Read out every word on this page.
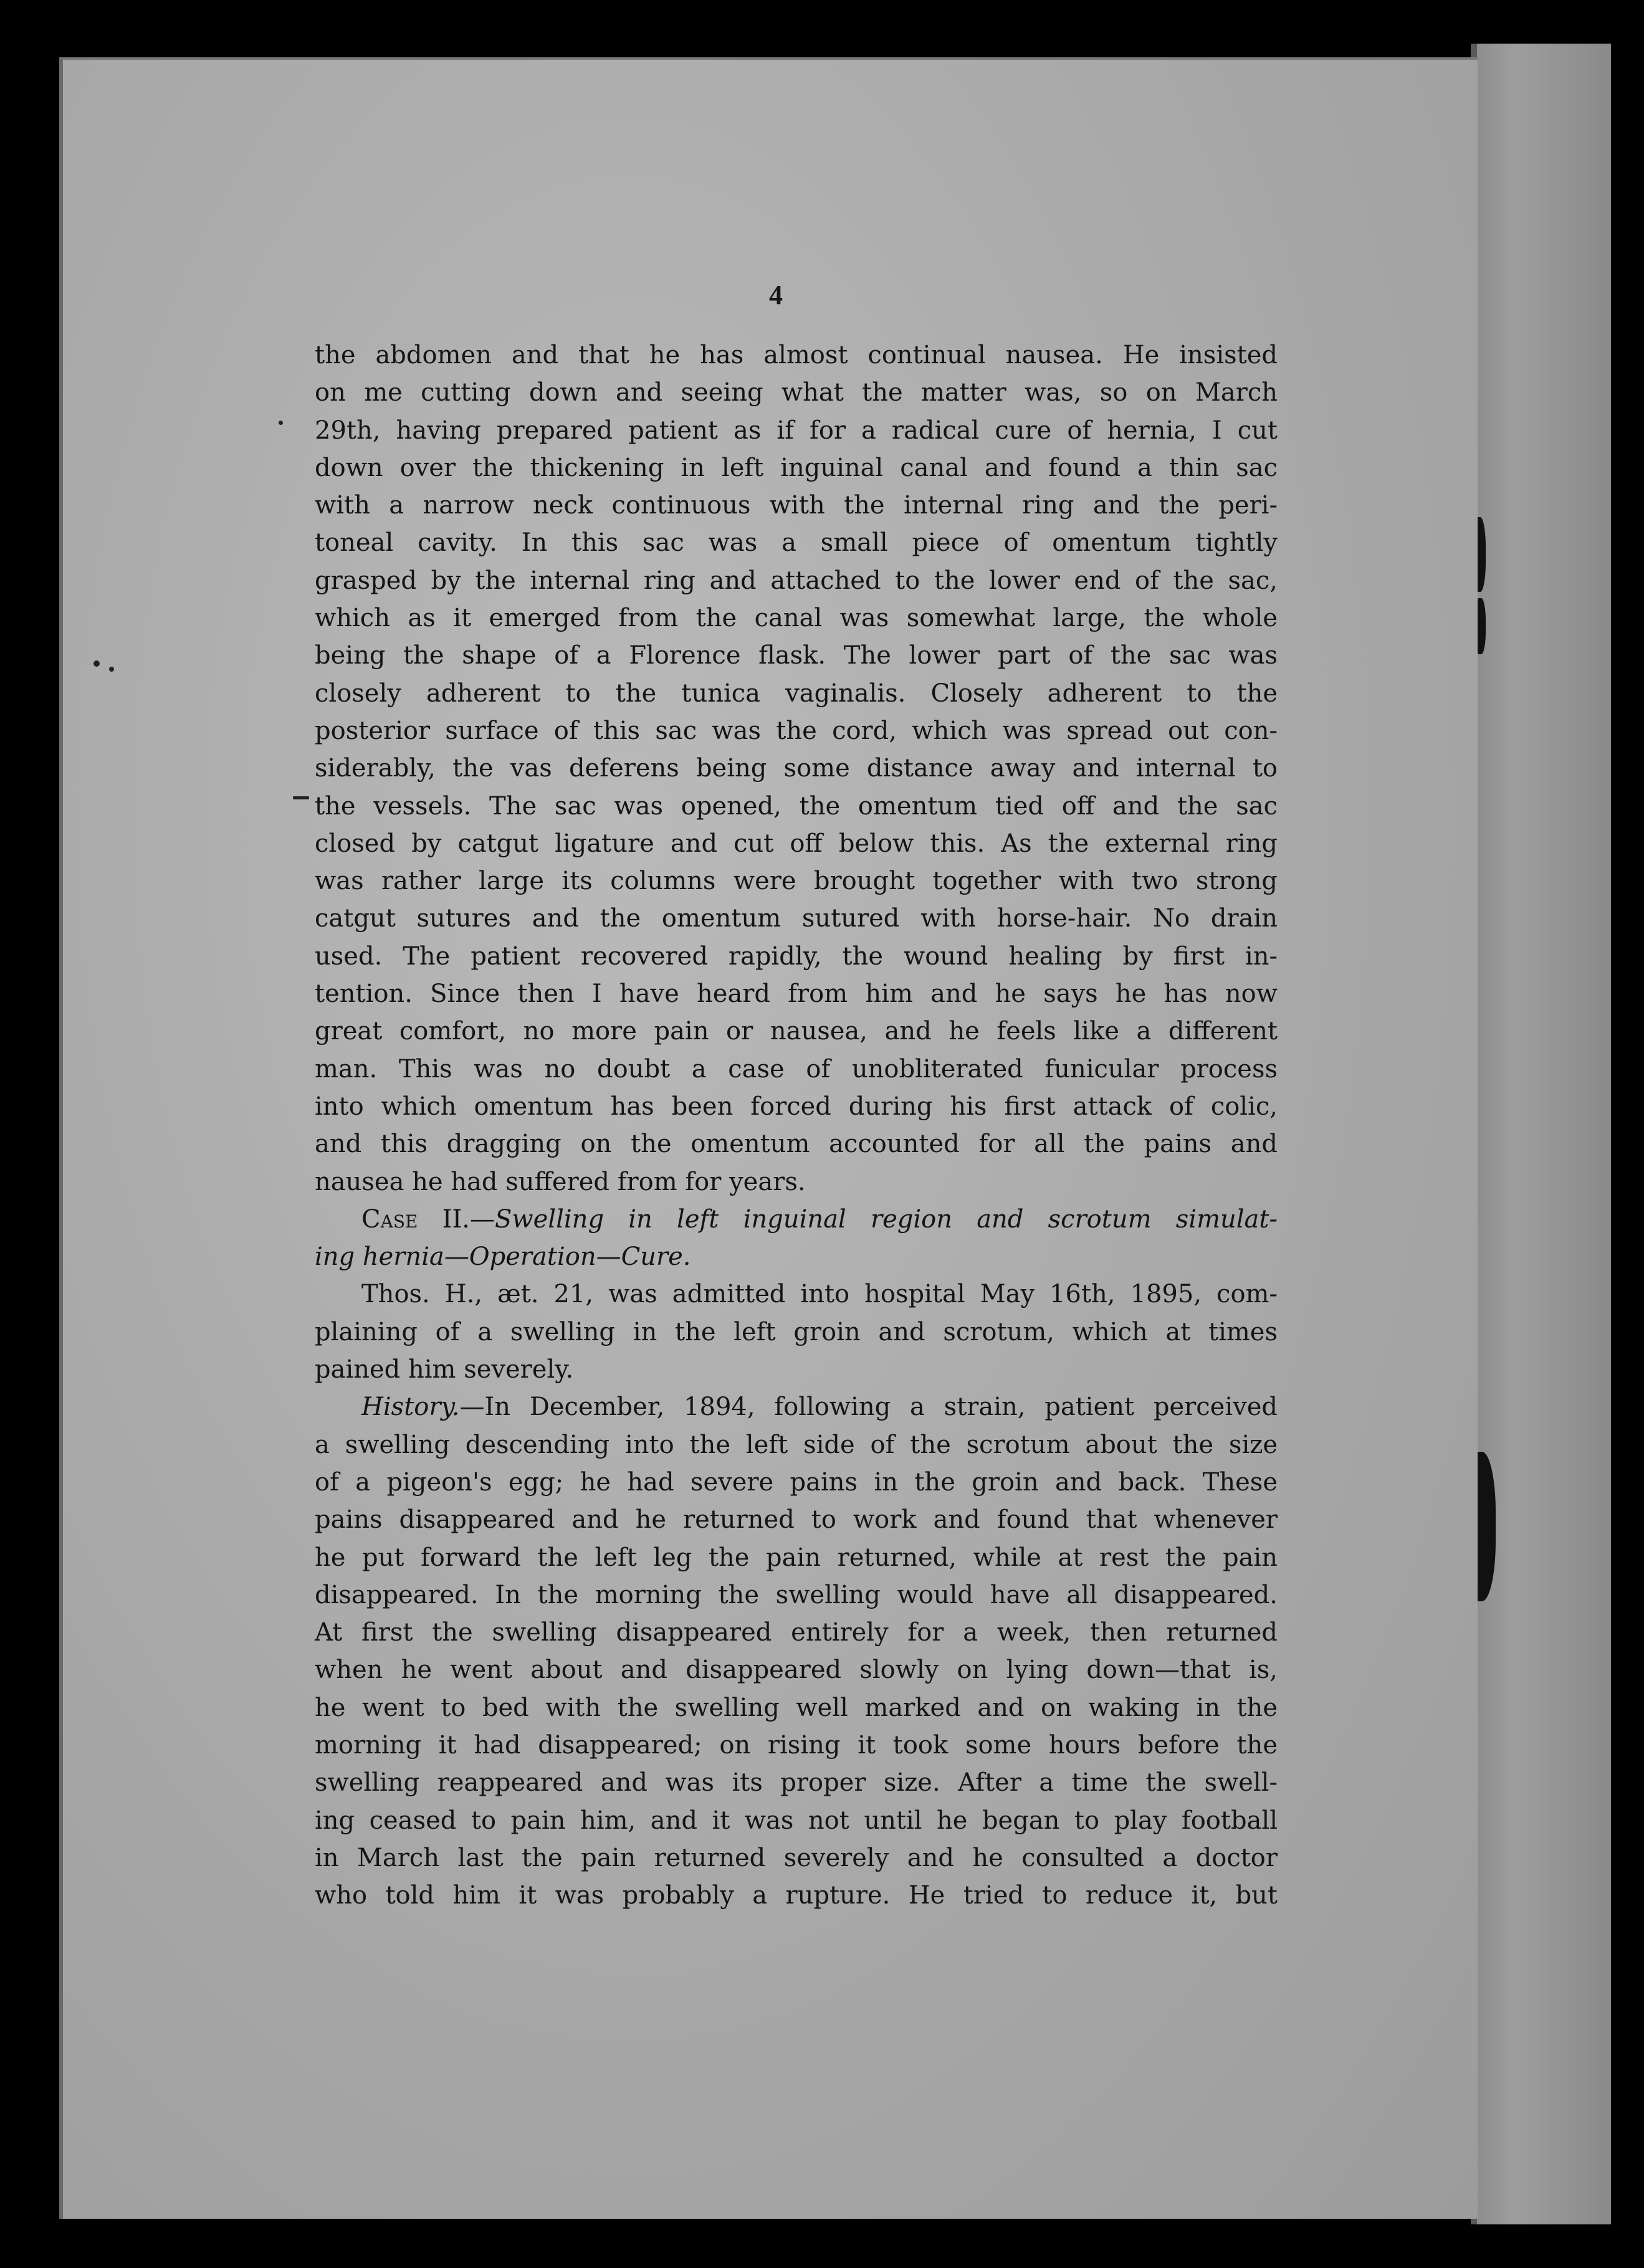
4
the abdomen and that he has almost continual nausea. He insisted
on me cutting down and seeing what the matter was, so on March
29th, having prepared patient as if for a radical cure of hernia, I cut
down over the thickening in left inguinal canal and found a thin sac
with a narrow neck continuous with the internal ring and the peri-
toneal cavity. In this sac was a small piece of omentum tightly
grasped by the internal ring and attached to the lower end of the sac,
which as it emerged from the canal was somewhat large, the whole
being the shape of a Florence flask. The lower part of the sac was
closely adherent to the tunica vaginalis. Closely adherent to the
posterior surface of this sac was the cord, which was spread out con-
siderably, the vas deferens being some distance away and internal to
the vessels. The sac was opened, the omentum tied off and the sac
closed by catgut ligature and cut off below this. As the external ring
was rather large its columns were brought together with two strong
catgut sutures and the omentum sutured with horse-hair. No drain
used. The patient recovered rapidly, the wound healing by first in-
tention. Since then I have heard from him and he says he has now
great comfort, no more pain or nausea, and he feels like a different
man. This was no doubt a case of unobliterated funicular process
into which omentum has been forced during his first attack of colic,
and this dragging on the omentum accounted for all the pains and
nausea he had suffered from for years.
Case II.—Swelling in left inguinal region and scrotum simulat-
ing hernia—Operation—Cure.
Thos. H., æt. 21, was admitted into hospital May 16th, 1895, com-
plaining of a swelling in the left groin and scrotum, which at times
pained him severely.
History.—In December, 1894, following a strain, patient perceived
a swelling descending into the left side of the scrotum about the size
of a pigeon's egg; he had severe pains in the groin and back. These
pains disappeared and he returned to work and found that whenever
he put forward the left leg the pain returned, while at rest the pain
disappeared. In the morning the swelling would have all disappeared.
At first the swelling disappeared entirely for a week, then returned
when he went about and disappeared slowly on lying down—that is,
he went to bed with the swelling well marked and on waking in the
morning it had disappeared; on rising it took some hours before the
swelling reappeared and was its proper size. After a time the swell-
ing ceased to pain him, and it was not until he began to play football
in March last the pain returned severely and he consulted a doctor
who told him it was probably a rupture. He tried to reduce it, but
